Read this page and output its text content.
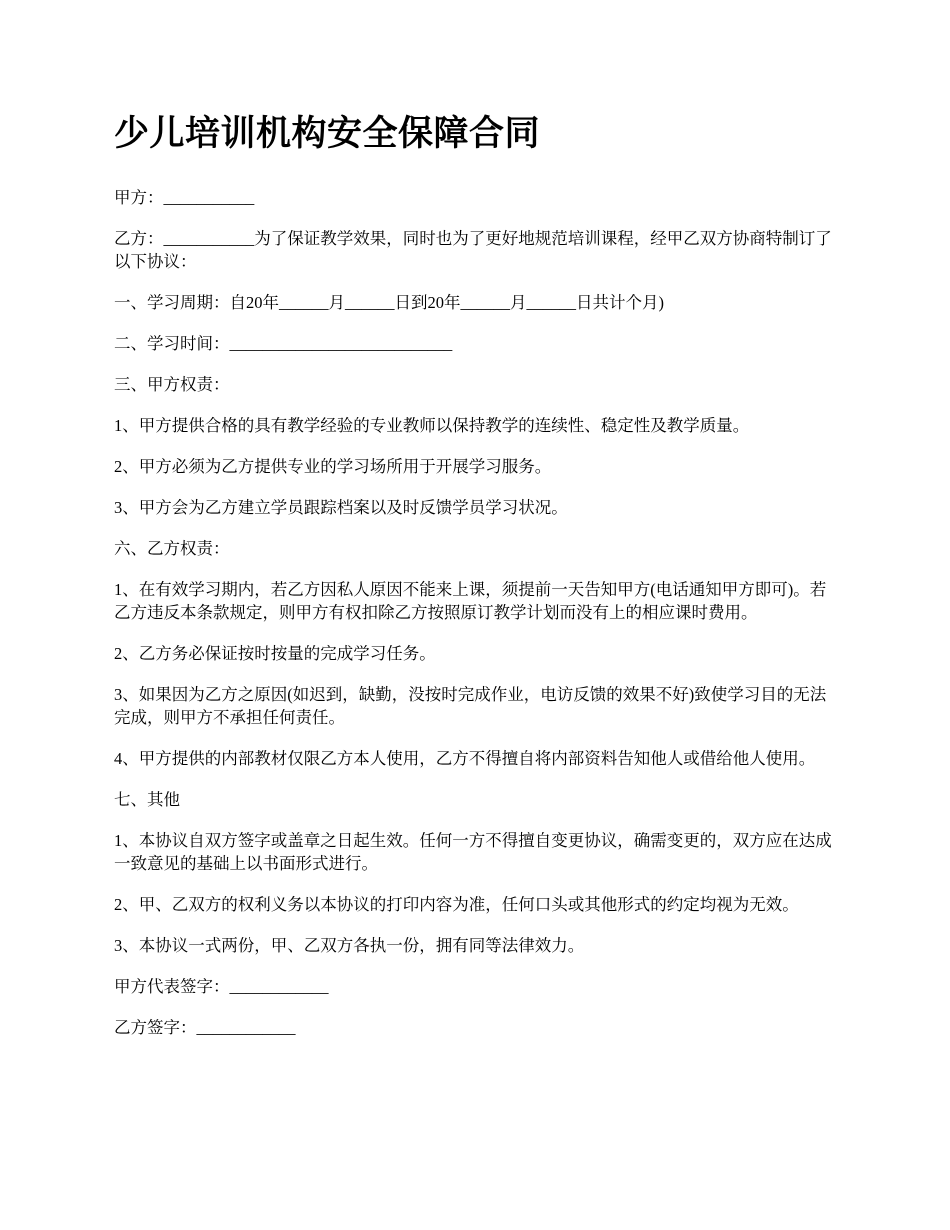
少儿培训机构安全保障合同

甲方：___________

乙方：___________为了保证教学效果，同时也为了更好地规范培训课程，经甲乙双方协商特制订了以下协议：

一、学习周期：自20年______月______日到20年______月______日共计个月)

二、学习时间：___________________________

三、甲方权责：

1、甲方提供合格的具有教学经验的专业教师以保持教学的连续性、稳定性及教学质量。

2、甲方必须为乙方提供专业的学习场所用于开展学习服务。

3、甲方会为乙方建立学员跟踪档案以及时反馈学员学习状况。

六、乙方权责：

1、在有效学习期内，若乙方因私人原因不能来上课，须提前一天告知甲方(电话通知甲方即可)。若乙方违反本条款规定，则甲方有权扣除乙方按照原订教学计划而没有上的相应课时费用。

2、乙方务必保证按时按量的完成学习任务。

3、如果因为乙方之原因(如迟到，缺勤，没按时完成作业，电访反馈的效果不好)致使学习目的无法完成，则甲方不承担任何责任。

4、甲方提供的内部教材仅限乙方本人使用，乙方不得擅自将内部资料告知他人或借给他人使用。

七、其他

1、本协议自双方签字或盖章之日起生效。任何一方不得擅自变更协议，确需变更的，双方应在达成一致意见的基础上以书面形式进行。

2、甲、乙双方的权利义务以本协议的打印内容为准，任何口头或其他形式的约定均视为无效。

3、本协议一式两份，甲、乙双方各执一份，拥有同等法律效力。

甲方代表签字：____________

乙方签字：____________
